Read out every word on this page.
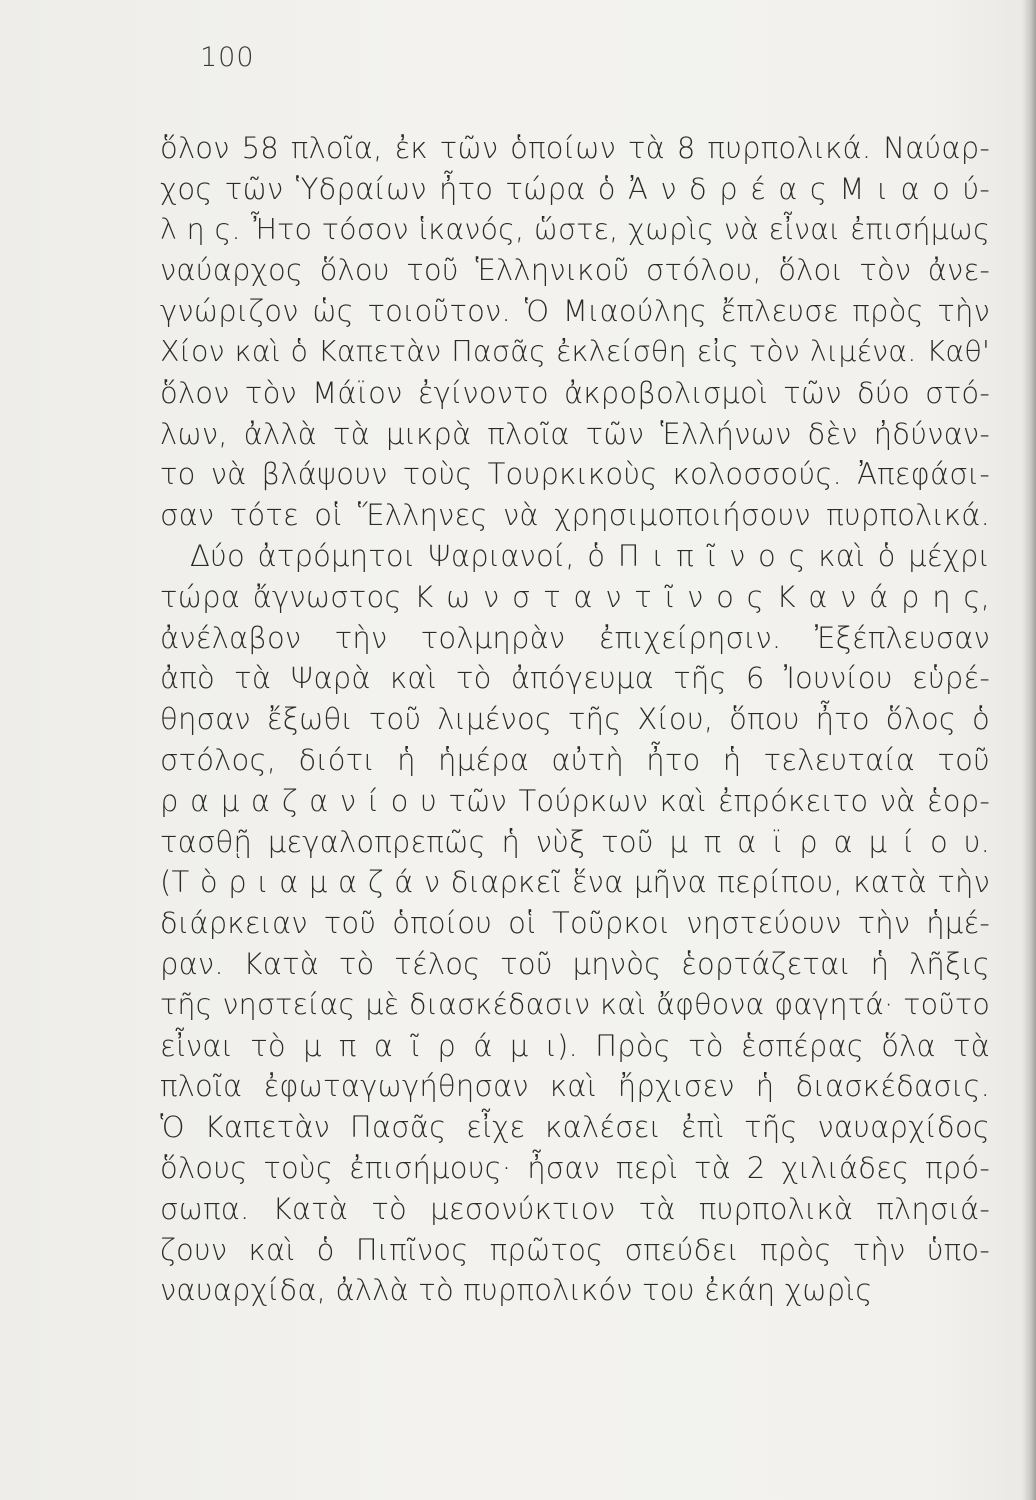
100
ὅλον 58 πλοῖα, ἐκ τῶν ὁποίων τὰ 8 πυρπολικά. Ναύαρ-
χος τῶν Ὑδραίων ἦτο τώρα ὁ Ἀ ν δ ρ έ α ς Μ ι α ο ύ-
λ η ς. Ἦτο τόσον ἱκανός, ὥστε, χωρὶς νὰ εἶναι ἐπισήμως
ναύαρχος ὅλου τοῦ Ἑλληνικοῦ στόλου, ὅλοι τὸν ἀνε-
γνώριζον ὡς τοιοῦτον. Ὁ Μιαούλης ἔπλευσε πρὸς τὴν
Χίον καὶ ὁ Καπετὰν Πασᾶς ἐκλείσθη εἰς τὸν λιμένα. Καθ'
ὅλον τὸν Μάϊον ἐγίνοντο ἀκροβολισμοὶ τῶν δύο στό-
λων, ἀλλὰ τὰ μικρὰ πλοῖα τῶν Ἑλλήνων δὲν ἠδύναν-
το νὰ βλάψουν τοὺς Τουρκικοὺς κολοσσούς. Ἀπεφάσι-
σαν τότε οἱ Ἕλληνες νὰ χρησιμοποιήσουν πυρπολικά.
Δύο ἀτρόμητοι Ψαριανοί, ὁ Π ι π ῖ ν ο ς καὶ ὁ μέχρι
τώρα ἄγνωστος Κ ω ν σ τ α ν τ ῖ ν ο ς Κ α ν ά ρ η ς,
ἀνέλαβον τὴν τολμηρὰν ἐπιχείρησιν. Ἐξέπλευσαν
ἀπὸ τὰ Ψαρὰ καὶ τὸ ἀπόγευμα τῆς 6 Ἰουνίου εὑρέ-
θησαν ἔξωθι τοῦ λιμένος τῆς Χίου, ὅπου ἦτο ὅλος ὁ
στόλος, διότι ἡ ἡμέρα αὐτὴ ἦτο ἡ τελευταία τοῦ
ρ α μ α ζ α ν ί ο υ τῶν Τούρκων καὶ ἐπρόκειτο νὰ ἑορ-
τασθῇ μεγαλοπρεπῶς ἡ νὺξ τοῦ μ π α ϊ ρ α μ ί ο υ.
(Τ ὸ ρ ι α μ α ζ ά ν διαρκεῖ ἕνα μῆνα περίπου, κατὰ τὴν
διάρκειαν τοῦ ὁποίου οἱ Τοῦρκοι νηστεύουν τὴν ἡμέ-
ραν. Κατὰ τὸ τέλος τοῦ μηνὸς ἑορτάζεται ἡ λῆξις
τῆς νηστείας μὲ διασκέδασιν καὶ ἄφθονα φαγητά· τοῦτο
εἶναι τὸ μ π α ῖ ρ ά μ ι). Πρὸς τὸ ἑσπέρας ὅλα τὰ
πλοῖα ἐφωταγωγήθησαν καὶ ἤρχισεν ἡ διασκέδασις.
Ὁ Καπετὰν Πασᾶς εἶχε καλέσει ἐπὶ τῆς ναυαρχίδος
ὅλους τοὺς ἐπισήμους· ἦσαν περὶ τὰ 2 χιλιάδες πρό-
σωπα. Κατὰ τὸ μεσονύκτιον τὰ πυρπολικὰ πλησιά-
ζουν καὶ ὁ Πιπῖνος πρῶτος σπεύδει πρὸς τὴν ὑπο-
ναυαρχίδα, ἀλλὰ τὸ πυρπολικόν του ἐκάη χωρὶς
